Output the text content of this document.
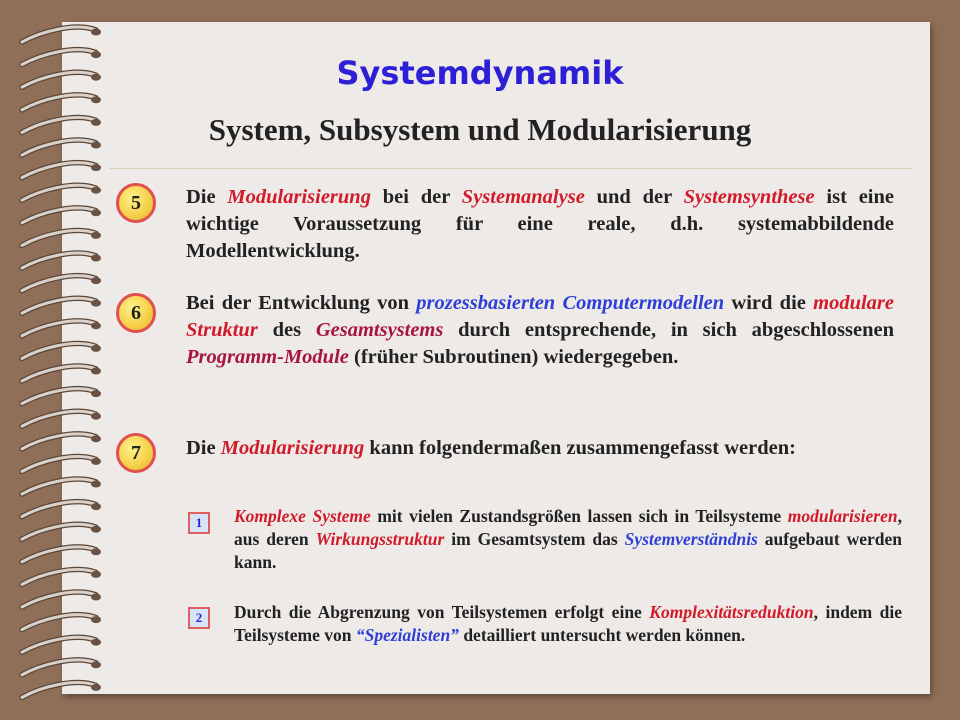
Systemdynamik
System, Subsystem und Modularisierung
5 Die Modularisierung bei der Systemanalyse und der Systemsynthese ist eine wichtige Voraussetzung für eine reale, d.h. systemabbildende Modellentwicklung.
6 Bei der Entwicklung von prozessbasierten Computermodellen wird die modulare Struktur des Gesamtsystems durch entsprechende, in sich abgeschlossenen Programm-Module (früher Subroutinen) wiedergegeben.
7 Die Modularisierung kann folgendermaßen zusammengefasst werden:
1 Komplexe Systeme mit vielen Zustandsgrößen lassen sich in Teilsysteme modularisieren, aus deren Wirkungsstruktur im Gesamtsystem das Systemverständnis aufgebaut werden kann.
2 Durch die Abgrenzung von Teilsystemen erfolgt eine Komplexitätsreduktion, indem die Teilsysteme von “Spezialisten” detailliert untersucht werden können.
